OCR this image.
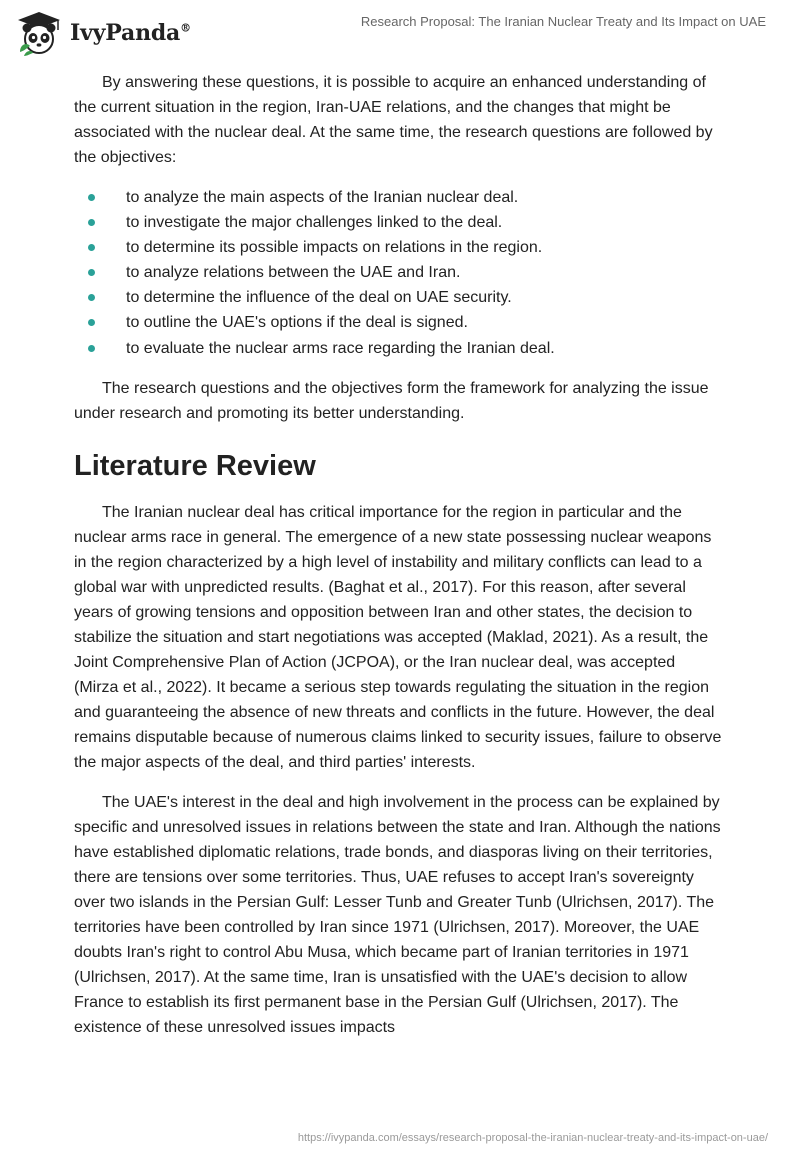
IvyPanda®	Research Proposal: The Iranian Nuclear Treaty and Its Impact on UAE

By answering these questions, it is possible to acquire an enhanced understanding of the current situation in the region, Iran-UAE relations, and the changes that might be associated with the nuclear deal. At the same time, the research questions are followed by the objectives:

to analyze the main aspects of the Iranian nuclear deal.
to investigate the major challenges linked to the deal.
to determine its possible impacts on relations in the region.
to analyze relations between the UAE and Iran.
to determine the influence of the deal on UAE security.
to outline the UAE's options if the deal is signed.
to evaluate the nuclear arms race regarding the Iranian deal.

The research questions and the objectives form the framework for analyzing the issue under research and promoting its better understanding.

Literature Review

The Iranian nuclear deal has critical importance for the region in particular and the nuclear arms race in general. The emergence of a new state possessing nuclear weapons in the region characterized by a high level of instability and military conflicts can lead to a global war with unpredicted results. (Baghat et al., 2017). For this reason, after several years of growing tensions and opposition between Iran and other states, the decision to stabilize the situation and start negotiations was accepted (Maklad, 2021). As a result, the Joint Comprehensive Plan of Action (JCPOA), or the Iran nuclear deal, was accepted (Mirza et al., 2022). It became a serious step towards regulating the situation in the region and guaranteeing the absence of new threats and conflicts in the future. However, the deal remains disputable because of numerous claims linked to security issues, failure to observe the major aspects of the deal, and third parties' interests.

The UAE's interest in the deal and high involvement in the process can be explained by specific and unresolved issues in relations between the state and Iran. Although the nations have established diplomatic relations, trade bonds, and diasporas living on their territories, there are tensions over some territories. Thus, UAE refuses to accept Iran's sovereignty over two islands in the Persian Gulf: Lesser Tunb and Greater Tunb (Ulrichsen, 2017). The territories have been controlled by Iran since 1971 (Ulrichsen, 2017). Moreover, the UAE doubts Iran's right to control Abu Musa, which became part of Iranian territories in 1971 (Ulrichsen, 2017). At the same time, Iran is unsatisfied with the UAE's decision to allow France to establish its first permanent base in the Persian Gulf (Ulrichsen, 2017). The existence of these unresolved issues impacts

https://ivypanda.com/essays/research-proposal-the-iranian-nuclear-treaty-and-its-impact-on-uae/
